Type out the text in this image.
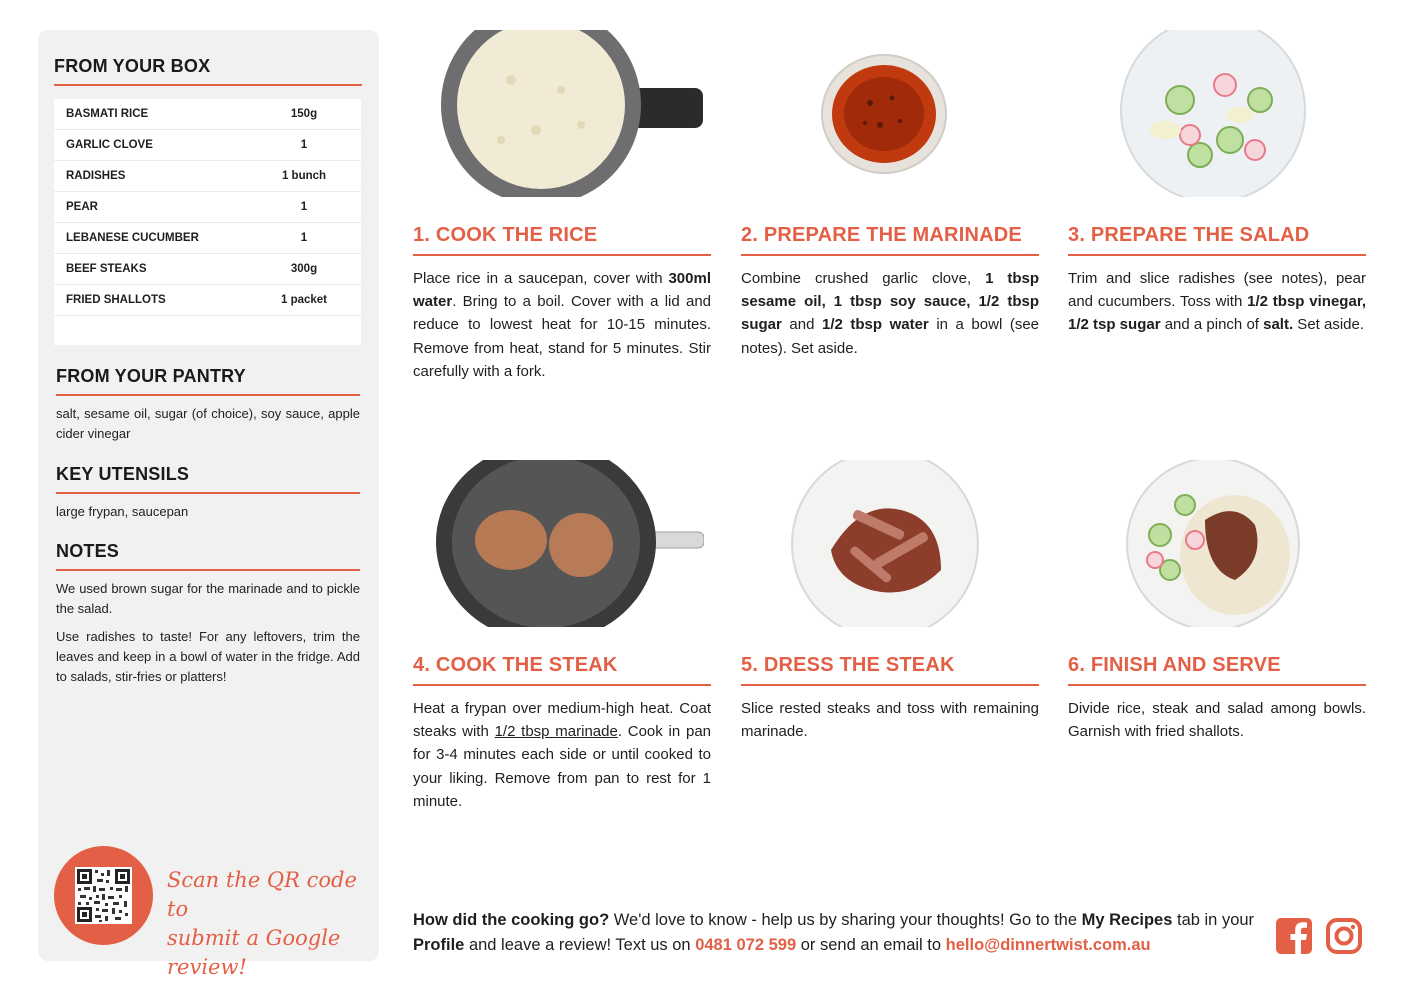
FROM YOUR BOX
BASMATI RICE	150g
GARLIC CLOVE	1
RADISHES	1 bunch
PEAR	1
LEBANESE CUCUMBER	1
BEEF STEAKS	300g
FRIED SHALLOTS	1 packet
FROM YOUR PANTRY
salt, sesame oil, sugar (of choice), soy sauce, apple cider vinegar
KEY UTENSILS
large frypan, saucepan
NOTES
We used brown sugar for the marinade and to pickle the salad.
Use radishes to taste! For any leftovers, trim the leaves and keep in a bowl of water in the fridge. Add to salads, stir-fries or platters!
Scan the QR code to
submit a Google review!
1. COOK THE RICE
Place rice in a saucepan, cover with 300ml water. Bring to a boil. Cover with a lid and reduce to lowest heat for 10-15 minutes. Remove from heat, stand for 5 minutes. Stir carefully with a fork.
2. PREPARE THE MARINADE
Combine crushed garlic clove, 1 tbsp sesame oil, 1 tbsp soy sauce, 1/2 tbsp sugar and 1/2 tbsp water in a bowl (see notes). Set aside.
3. PREPARE THE SALAD
Trim and slice radishes (see notes), pear and cucumbers. Toss with 1/2 tbsp vinegar, 1/2 tsp sugar and a pinch of salt. Set aside.
4. COOK THE STEAK
Heat a frypan over medium-high heat. Coat steaks with 1/2 tbsp marinade. Cook in pan for 3-4 minutes each side or until cooked to your liking. Remove from pan to rest for 1 minute.
5. DRESS THE STEAK
Slice rested steaks and toss with remaining marinade.
6. FINISH AND SERVE
Divide rice, steak and salad among bowls. Garnish with fried shallots.
How did the cooking go? We'd love to know - help us by sharing your thoughts! Go to the My Recipes tab in your Profile and leave a review! Text us on 0481 072 599 or send an email to hello@dinnertwist.com.au
